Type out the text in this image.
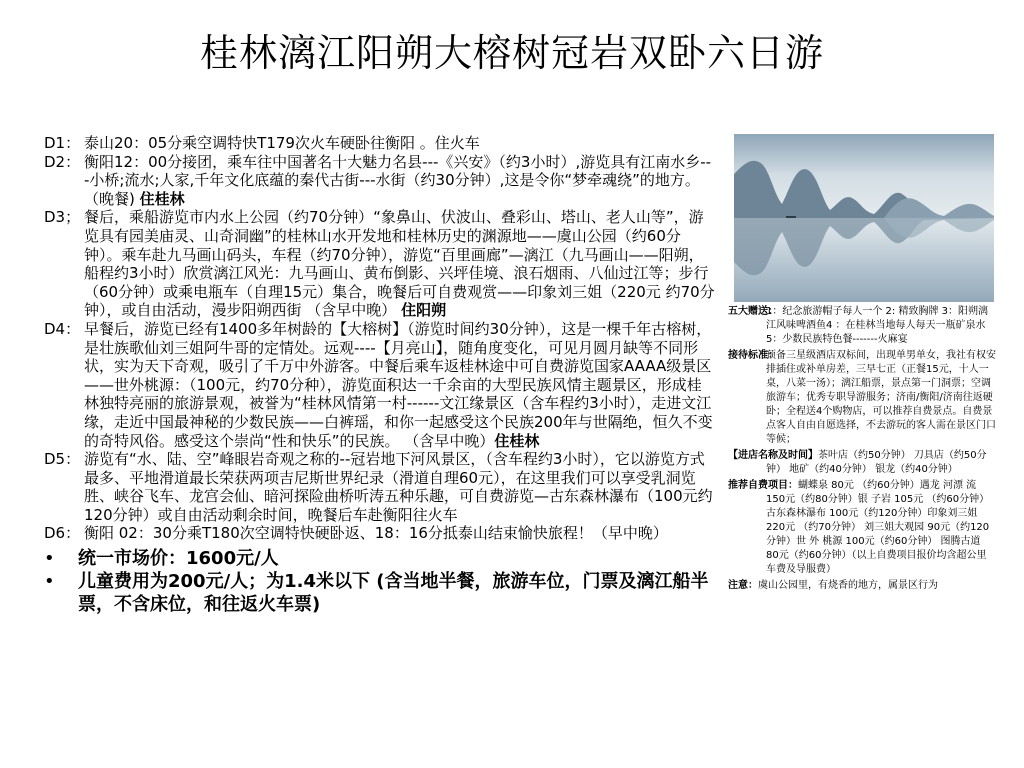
桂林漓江阳朔大榕树冠岩双卧六日游

D1： 泰山20：05分乘空调特快T179次火车硬卧往衡阳 。住火车

D2： 衡阳12：00分接团，乘车往中国著名十大魅力名县---《兴安》（约3小时）,游览具有江南水乡---小桥;流水;人家,千年文化底蕴的秦代古街---水街（约30分钟）,这是令你“梦牵魂绕”的地方。 （晚餐) 住桂林

D3； 餐后，乘船游览市内水上公园（约70分钟）“象鼻山、伏波山、叠彩山、塔山、老人山等”，游览具有园美庙灵、山奇洞幽”的桂林山水开发地和桂林历史的渊源地——虞山公园（约60分钟）。乘车赴九马画山码头，车程（约70分钟），游览“百里画廊”—漓江（九马画山——阳朔，船程约3小时）欣赏漓江风光：九马画山、黄布倒影、兴坪佳境、浪石烟雨、八仙过江等；步行（60分钟）或乘电瓶车（自理15元）集合，晚餐后可自费观赏——印象刘三姐（220元 约70分钟），或自由活动，漫步阳朔西街 （含早中晚） 住阳朔

D4： 早餐后，游览已经有1400多年树龄的【大榕树】（游览时间约30分钟），这是一棵千年古榕树，是壮族歌仙刘三姐阿牛哥的定情处。远观----【月亮山】，随角度变化，可见月圆月缺等不同形状，实为天下奇观，吸引了千万中外游客。中餐后乘车返桂林途中可自费游览国家AAAA级景区——世外桃源：（100元，约70分种），游览面积达一千余亩的大型民族风情主题景区，形成桂林独特亮丽的旅游景观，被誉为“桂林风情第一村------文江缘景区（含车程约3小时），走进文江缘，走近中国最神秘的少数民族——白裤瑶，和你一起感受这个民族200年与世隔绝，恒久不变的奇特风俗。感受这个崇尚“性和快乐”的民族。 （含早中晚）住桂林

D5： 游览有“水、陆、空”峰眼岩奇观之称的--冠岩地下河风景区，（含车程约3小时），它以游览方式最多、平地滑道最长荣获两项吉尼斯世界纪录（滑道自理60元），在这里我们可以享受乳洞览胜、峡谷飞车、龙宫会仙、暗河探险曲桥听涛五种乐趣，可自费游览—古东森林瀑布（100元约120分钟）或自由活动剩余时间，晚餐后车赴衡阳往火车

D6： 衡阳 02：30分乘T180次空调特快硬卧返、18：16分抵泰山结束愉快旅程！（早中晚）

•
统一市场价：1600元/人

•
儿童费用为200元/人；为1.4米以下 (含当地半餐，旅游车位，门票及漓江船半票，不含床位，和往返火车票)

五大赠送：
1：纪念旅游帽子每人一个 2: 精致胸牌 3：阳朔漓江风味啤酒鱼4 ：在桂林当地每人每天一瓶矿泉水 5：少数民族特色餐-------火麻宴

接待标准：
预备三星级酒店双标间，出现单男单女，我社有权安排插住或补单房差，三早七正（正餐15元，十人一桌，八菜一汤）；漓江船票，景点第一门洞票；空调旅游车；优秀专职导游服务；济南/衡阳/济南往返硬卧；全程送4个购物店，可以推荐自费景点。自费景点客人自由自愿选择，不去游玩的客人需在景区门口等候；

【进店名称及时间】茶叶店（约50分钟） 刀具店（约50分钟） 地矿（约40分钟） 银龙（约40分钟）

推荐自费项目：蝴蝶泉 80元 （约60分钟）遇龙 河漂 流 150元（约80分钟）银 子岩 105元 （约60分钟） 古东森林瀑布 100元（约120分钟）印象刘三姐 220元 （约70分钟） 刘三姐大观园 90元（约120分钟）世 外 桃源 100元（约60分钟） 图腾古道 80元（约60分钟）（以上自费项目报价均含超公里车费及导服费）

注意：虞山公园里，有烧香的地方，属景区行为
